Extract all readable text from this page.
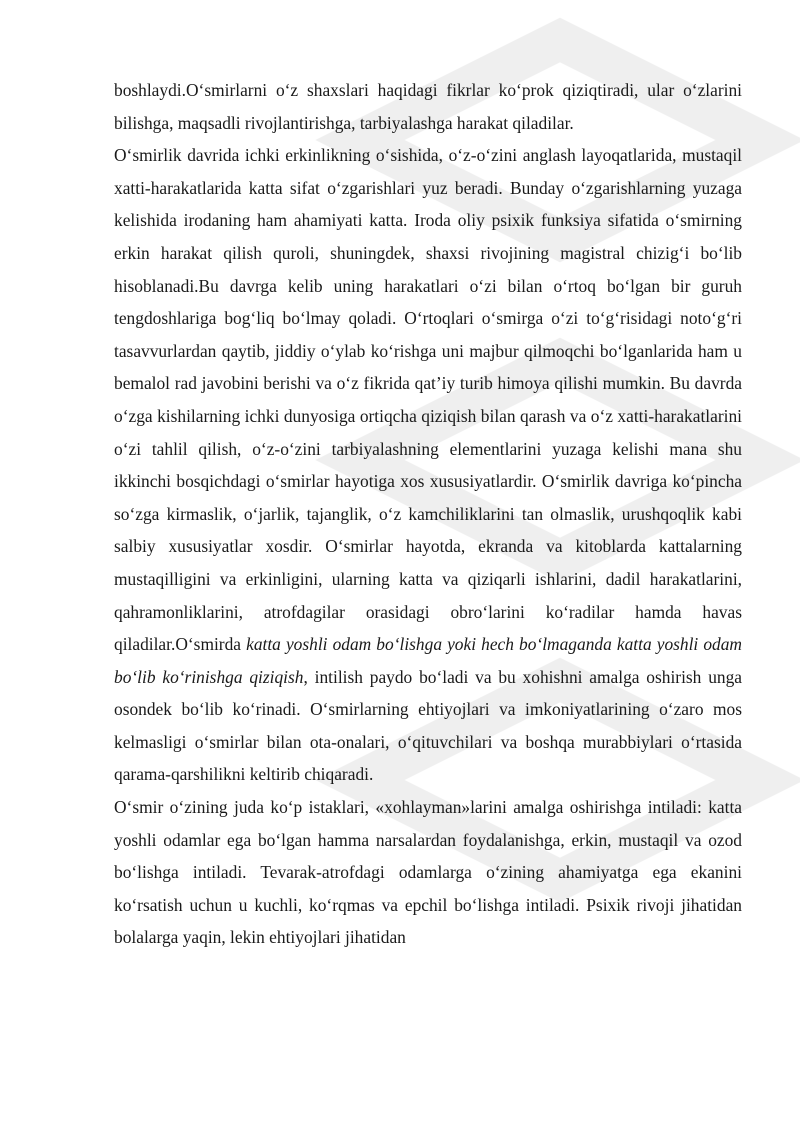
boshlaydi.O‘smirlarni o‘z shaxslari haqidagi fikrlar ko‘prok qiziqtiradi, ular o‘zlarini bilishga, maqsadli rivojlantirishga, tarbiyalashga harakat qiladilar.

O‘smirlik davrida ichki erkinlikning o‘sishida, o‘z-o‘zini anglash layoqatlarida, mustaqil xatti-harakatlarida katta sifat o‘zgarishlari yuz beradi. Bunday o‘zgarishlarning yuzaga kelishida irodaning ham ahamiyati katta. Iroda oliy psixik funksiya sifatida o‘smirning erkin harakat qilish quroli, shuningdek, shaxsi rivojining magistral chizig‘i bo‘lib hisoblanadi.Bu davrga kelib uning harakatlari o‘zi bilan o‘rtoq bo‘lgan bir guruh tengdoshlariga bog‘liq bo‘lmay qoladi. O‘rtoqlari o‘smirga o‘zi to‘g‘risidagi noto‘g‘ri tasavvurlardan qaytib, jiddiy o‘ylab ko‘rishga uni majbur qilmoqchi bo‘lganlarida ham u bemalol rad javobini berishi va o‘z fikrida qat’iy turib himoya qilishi mumkin. Bu davrda o‘zga kishilarning ichki dunyosiga ortiqcha qiziqish bilan qarash va o‘z xatti-harakatlarini o‘zi tahlil qilish, o‘z-o‘zini tarbiyalashning elementlarini yuzaga kelishi mana shu ikkinchi bosqichdagi o‘smirlar hayotiga xos xususiyatlardir. O‘smirlik davriga ko‘pincha so‘zga kirmaslik, o‘jarlik, tajanglik, o‘z kamchiliklarini tan olmaslik, urushqoqlik kabi salbiy xususiyatlar xosdir. O‘smirlar hayotda, ekranda va kitoblarda kattalarning mustaqilligini va erkinligini, ularning katta va qiziqarli ishlarini, dadil harakatlarini, qahramonliklarini, atrofdagilar orasidagi obro‘larini ko‘radilar hamda havas qiladilar.O‘smirda katta yoshli odam bo‘lishga yoki hech bo‘lmaganda katta yoshli odam bo‘lib ko‘rinishga qiziqish, intilish paydo bo‘ladi va bu xohishni amalga oshirish unga osondek bo‘lib ko‘rinadi. O‘smirlarning ehtiyojlari va imkoniyatlarining o‘zaro mos kelmasligi o‘smirlar bilan ota-onalari, o‘qituvchilari va boshqa murabbiylari o‘rtasida qarama-qarshilikni keltirib chiqaradi.

O‘smir o‘zining juda ko‘p istaklari, «xohlayman»larini amalga oshirishga intiladi: katta yoshli odamlar ega bo‘lgan hamma narsalardan foydalanishga, erkin, mustaqil va ozod bo‘lishga intiladi. Tevarak-atrofdagi odamlarga o‘zining ahamiyatga ega ekanini ko‘rsatish uchun u kuchli, ko‘rqmas va epchil bo‘lishga intiladi. Psixik rivoji jihatidan bolalarga yaqin, lekin ehtiyojlari jihatidan
